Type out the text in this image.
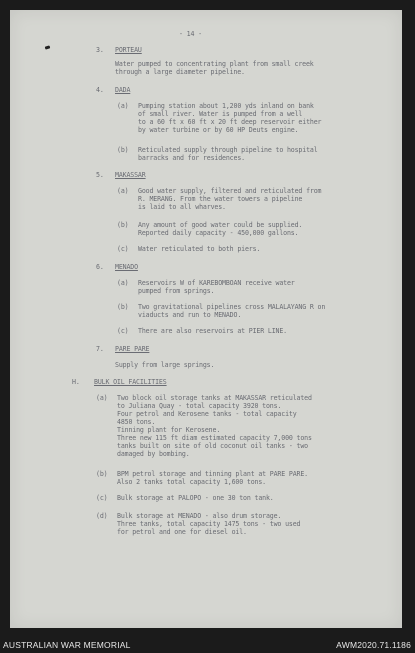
- 14 -
3. PORTEAU
Water pumped to concentrating plant from small creek
through a large diameter pipeline.
4. DADA
(a) Pumping station about 1,200 yds inland on bank
of small river. Water is pumped from a well
to a 60 ft x 60 ft x 20 ft deep reservoir either
by water turbine or by 60 HP Deuts engine.
(b) Reticulated supply through pipeline to hospital
barracks and for residences.
5. MAKASSAR
(a) Good water supply, filtered and reticulated from
R. MERANG. From the water towers a pipeline
is laid to all wharves.
(b) Any amount of good water could be supplied.
Reported daily capacity - 450,000 gallons.
(c) Water reticulated to both piers.
6. MENADO
(a) Reservoirs W of KAREBOMBOAN receive water
pumped from springs.
(b) Two gravitational pipelines cross MALALAYANG R on
viaducts and run to MENADO.
(c) There are also reservoirs at PIER LINE.
7. PARE PARE
Supply from large springs.
H. BULK OIL FACILITIES
(a) Two block oil storage tanks at MAKASSAR reticulated
to Juliana Quay - total capacity 3920 tons.
Four petrol and Kerosene tanks - total capacity
4850 tons.
Tinning plant for Kerosene.
Three new 115 ft diam estimated capacity 7,000 tons
tanks built on site of old coconut oil tanks - two
damaged by bombing.
(b) BPM petrol storage and tinning plant at PARE PARE.
Also 2 tanks total capacity 1,600 tons.
(c) Bulk storage at PALOPO - one 30 ton tank.
(d) Bulk storage at MENADO - also drum storage.
Three tanks, total capacity 1475 tons - two used
for petrol and one for diesel oil.
AUSTRALIAN WAR MEMORIAL	AWM2020.71.1186
